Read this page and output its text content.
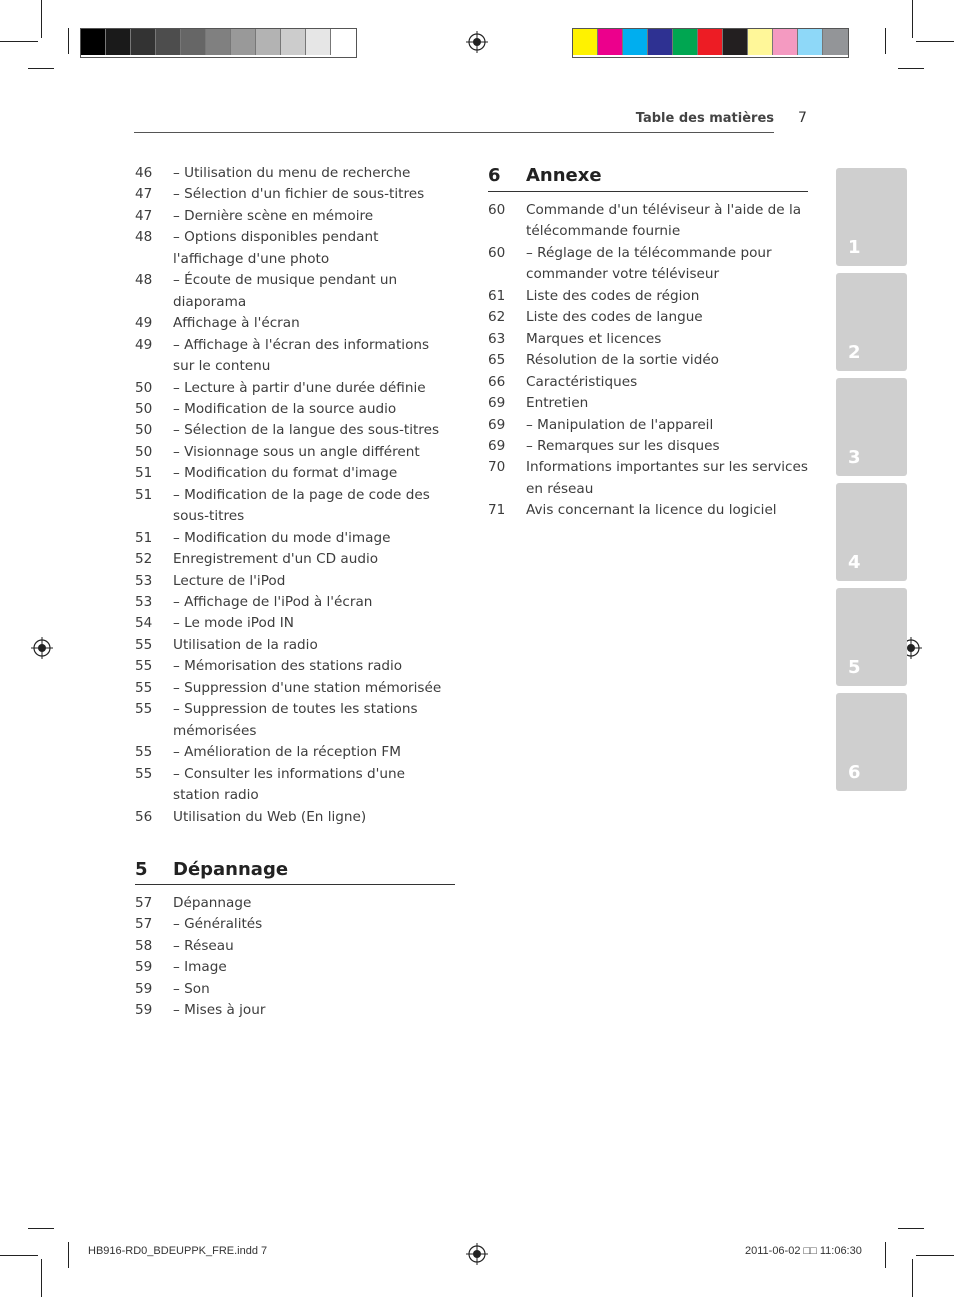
Table des matières 7
46	– Utilisation du menu de recherche
47	– Sélection d'un fichier de sous-titres
47	– Dernière scène en mémoire
48	– Options disponibles pendant
l'affichage d'une photo
48	– Écoute de musique pendant un
diaporama
49	Affichage à l'écran
49	– Affichage à l'écran des informations
sur le contenu
50	– Lecture à partir d'une durée définie
50	– Modification de la source audio
50	– Sélection de la langue des sous-titres
50	– Visionnage sous un angle différent
51	– Modification du format d'image
51	– Modification de la page de code des
sous-titres
51	– Modification du mode d'image
52	Enregistrement d'un CD audio
53	Lecture de l'iPod
53	– Affichage de l'iPod à l'écran
54	– Le mode iPod IN
55	Utilisation de la radio
55	– Mémorisation des stations radio
55	– Suppression d'une station mémorisée
55	– Suppression de toutes les stations
mémorisées
55	– Amélioration de la réception FM
55	– Consulter les informations d'une
station radio
56	Utilisation du Web (En ligne)
5 Dépannage
57	Dépannage
57	– Généralités
58	– Réseau
59	– Image
59	– Son
59	– Mises à jour
6 Annexe
60	Commande d'un téléviseur à l'aide de la
télécommande fournie
60	– Réglage de la télécommande pour
commander votre téléviseur
61	Liste des codes de région
62	Liste des codes de langue
63	Marques et licences
65	Résolution de la sortie vidéo
66	Caractéristiques
69	Entretien
69	– Manipulation de l'appareil
69	– Remarques sur les disques
70	Informations importantes sur les services
en réseau
71	Avis concernant la licence du logiciel
1
2
3
4
5
6
HB916-RD0_BDEUPPK_FRE.indd 7	2011-06-02 □□ 11:06:30
